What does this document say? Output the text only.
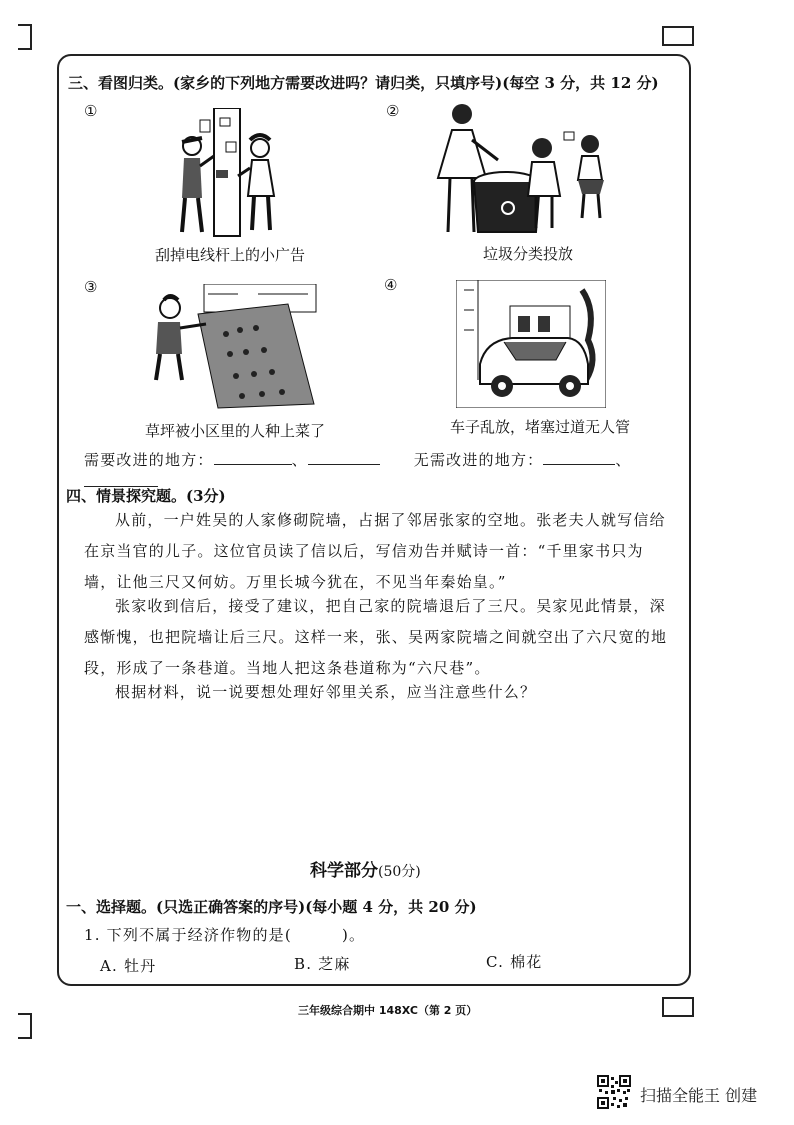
三、看图归类。(家乡的下列地方需要改进吗？请归类，只填序号)(每空 3 分，共 12 分)
①	②
③	④
刮掉电线杆上的小广告	垃圾分类投放
草坪被小区里的人种上菜了	车子乱放，堵塞过道无人管
需要改进的地方：	、	无需改进的地方：	、
四、情景探究题。(3分)
从前，一户姓吴的人家修砌院墙，占据了邻居张家的空地。张老夫人就写信给在京当官的儿子。这位官员读了信以后，写信劝告并赋诗一首：“千里家书只为墙，让他三尺又何妨。万里长城今犹在，不见当年秦始皇。”
张家收到信后，接受了建议，把自己家的院墙退后了三尺。吴家见此情景，深感惭愧，也把院墙让后三尺。这样一来，张、吴两家院墙之间就空出了六尺宽的地段，形成了一条巷道。当地人把这条巷道称为“六尺巷”。
根据材料，说一说要想处理好邻里关系，应当注意些什么？
科学部分(50分)
一、选择题。(只选正确答案的序号)(每小题 4 分，共 20 分)
1. 下列不属于经济作物的是(	)。
A. 牡丹	B. 芝麻	C. 棉花
三年级综合期中 148XC（第 2 页）
扫描全能王 创建
